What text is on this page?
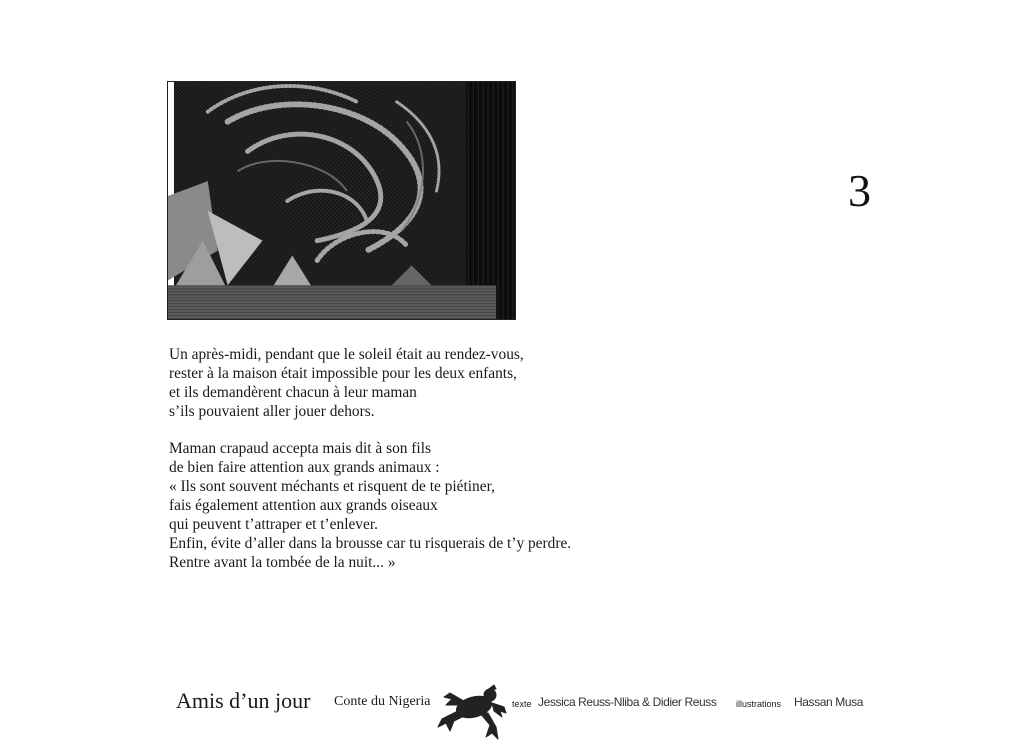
3

Un après-midi, pendant que le soleil était au rendez-vous,
rester à la maison était impossible pour les deux enfants,
et ils demandèrent chacun à leur maman
s’ils pouvaient aller jouer dehors.

Maman crapaud accepta mais dit à son fils
de bien faire attention aux grands animaux :
« Ils sont souvent méchants et risquent de te piétiner,
fais également attention aux grands oiseaux
qui peuvent t’attraper et t’enlever.
Enfin, évite d’aller dans la brousse car tu risquerais de t’y perdre.
Rentre avant la tombée de la nuit... »

Amis d’un jour Conte du Nigeria	texte Jessica Reuss-Nliba & Didier Reuss illustrations Hassan Musa
